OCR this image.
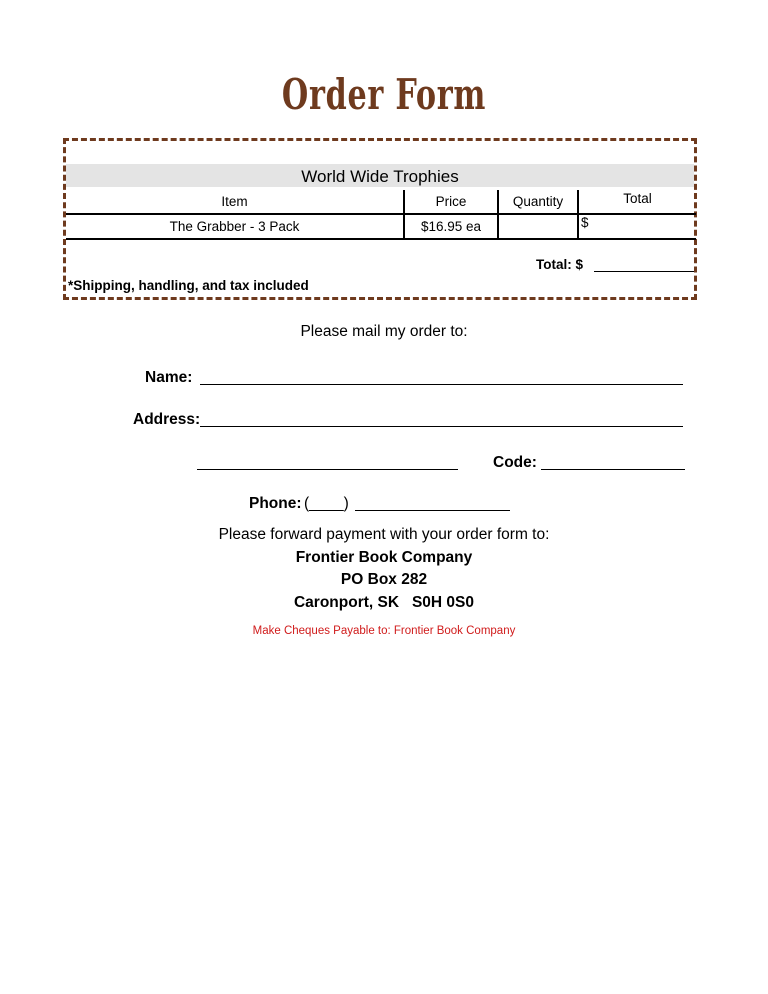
Order Form
World Wide Trophies
Item	Price	Quantity	Total
The Grabber - 3 Pack	$16.95 ea		$
Total: $
*Shipping, handling, and tax included
Please mail my order to:
Name:
Address:
Code:
Phone: (____)
Please forward payment with your order form to:
Frontier Book Company
PO Box 282
Caronport, SK   S0H 0S0
Make Cheques Payable to: Frontier Book Company
